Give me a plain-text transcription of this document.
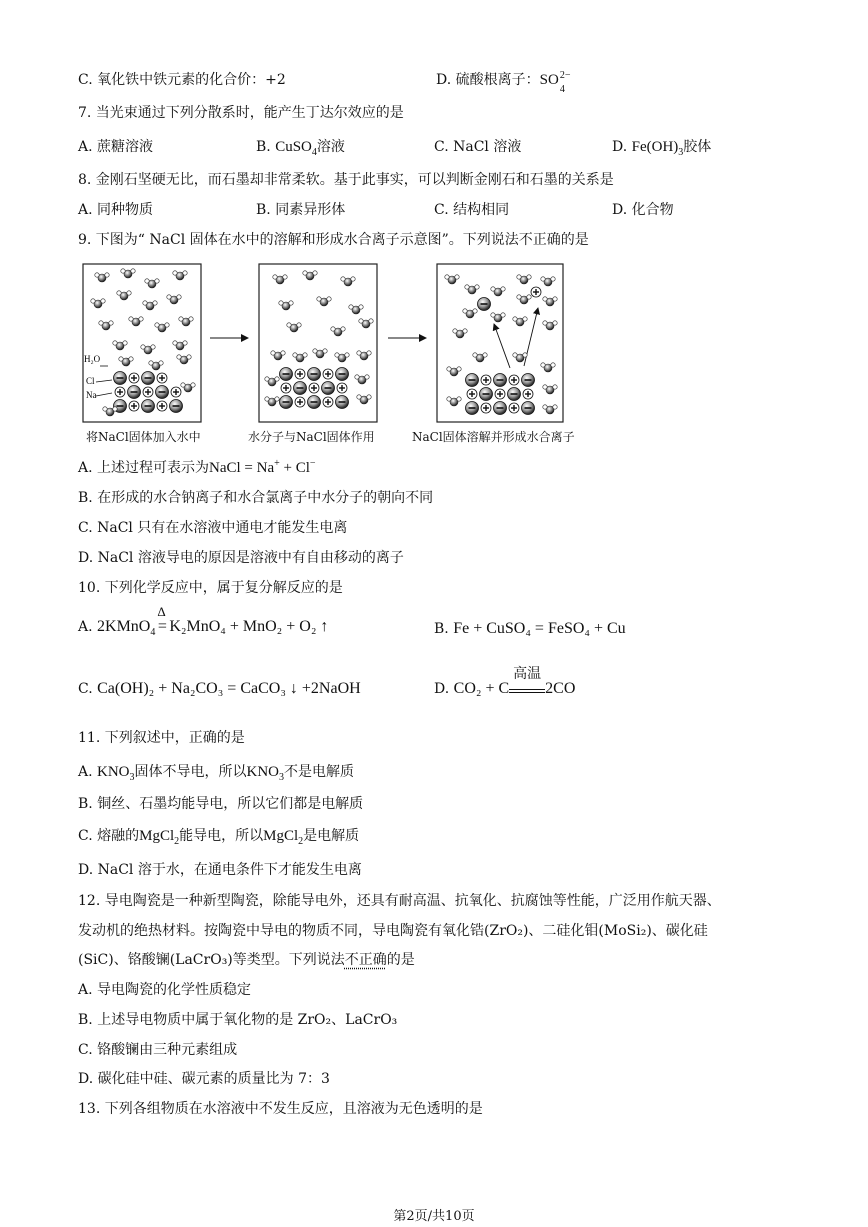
C. 氧化铁中铁元素的化合价：+2	D. 硫酸根离子：SO 2−
4
7. 当光束通过下列分散系时，能产生丁达尔效应的是
A. 蔗糖溶液	B. CuSO$_4$溶液	C. NaCl 溶液	D. $Fe(OH)_3$胶体
8. 金刚石坚硬无比，而石墨却非常柔软。基于此事实，可以判断金刚石和石墨的关系是
A. 同种物质	B. 同素异形体	C. 结构相同	D. 化合物
9. 下图为“ NaCl 固体在水中的溶解和形成水合离子示意图”。下列说法不正确的是
H₂O
Cl
Na
将NaCl固体加入水中	水分子与NaCl固体作用	NaCl固体溶解并形成水合离子
A. 上述过程可表示为NaCl = Na+ + Cl−
B. 在形成的水合钠离子和水合氯离子中水分子的朝向不同
C. NaCl 只有在水溶液中通电才能发生电离
D. NaCl 溶液导电的原因是溶液中有自由移动的离子
10. 下列化学反应中，属于复分解反应的是
A. 2KMnO$_4$
Δ
= K₂MnO₄ + MnO₂ + O₂ ↑	B. Fe + CuSO₄ = FeSO₄ + Cu
C. Ca(OH)₂ + Na₂CO₃ = CaCO₃ ↓ +2NaOH	D. CO₂ + C
高温
2CO
11. 下列叙述中，正确的是
A. $KNO_3$固体不导电，所以$KNO_3$不是电解质
B. 铜丝、石墨均能导电，所以它们都是电解质
C. 熔融的MgCl$_2$能导电，所以MgCl$_2$是电解质
D. NaCl 溶于水，在通电条件下才能发生电离
12. 导电陶瓷是一种新型陶瓷，除能导电外，还具有耐高温、抗氧化、抗腐蚀等性能，广泛用作航天器、
发动机的绝热材料。按陶瓷中导电的物质不同，导电陶瓷有氧化锆(ZrO₂)、二硅化钼(MoSi₂)、碳化硅
(SiC)、铬酸镧(LaCrO₃)等类型。下列说法不正确的是
A. 导电陶瓷的化学性质稳定
B. 上述导电物质中属于氧化物的是 ZrO₂、LaCrO₃
C. 铬酸镧由三种元素组成
D. 碳化硅中硅、碳元素的质量比为 7：3
13. 下列各组物质在水溶液中不发生反应，且溶液为无色透明的是
第2页/共10页
